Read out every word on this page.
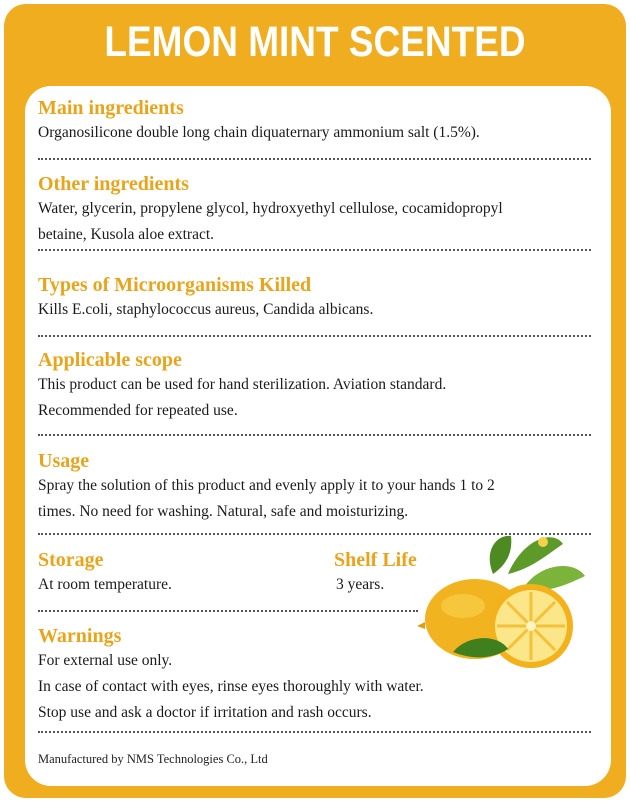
LEMON MINT SCENTED
Main ingredients
Organosilicone double long chain diquaternary ammonium salt (1.5%).
Other ingredients
Water, glycerin, propylene glycol, hydroxyethyl cellulose, cocamidopropyl
betaine, Kusola aloe extract.
Types of Microorganisms Killed
Kills E.coli, staphylococcus aureus, Candida albicans.
Applicable scope
This product can be used for hand sterilization. Aviation standard.
Recommended for repeated use.
Usage
Spray the solution of this product and evenly apply it to your hands 1 to 2
times. No need for washing. Natural, safe and moisturizing.
Storage
At room temperature.
Shelf Life
3 years.
Warnings
For external use only.
In case of contact with eyes, rinse eyes thoroughly with water.
Stop use and ask a doctor if irritation and rash occurs.
Manufactured by NMS Technologies Co., Ltd
